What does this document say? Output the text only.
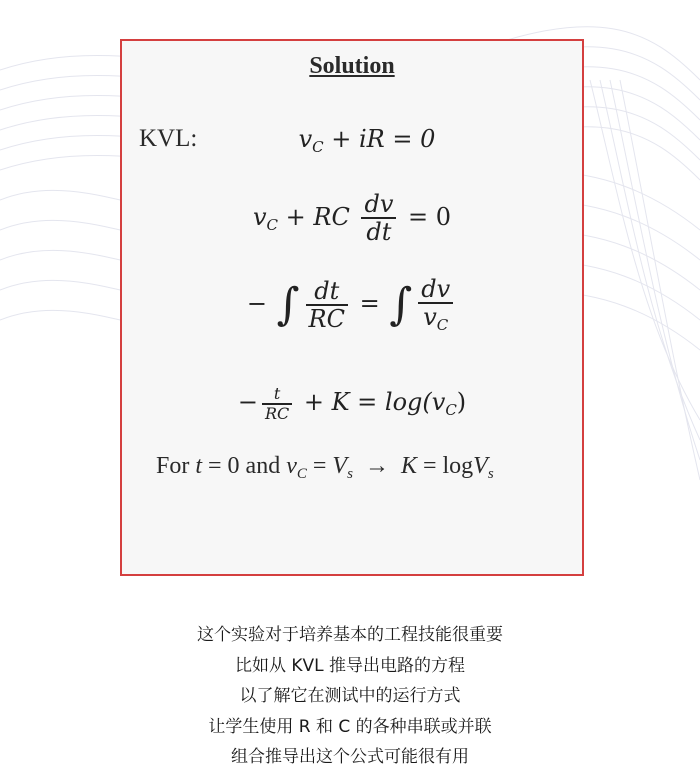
Solution
KVL:	$v_C$ + iR = 0
$v_C$ + RC $\frac{dv}{dt} = 0$
− ∫ $\frac{dt}{RC}$ = ∫ $\frac{dv}{v_C}$
− $\frac{t}{RC} + K = \log(v_C)$
For t = 0 and $v_C = V_s \to K = \log V_s$
这个实验对于培养基本的工程技能很重要
比如从 KVL 推导出电路的方程
以了解它在测试中的运行方式
让学生使用 R 和 C 的各种串联或并联
组合推导出这个公式可能很有用
